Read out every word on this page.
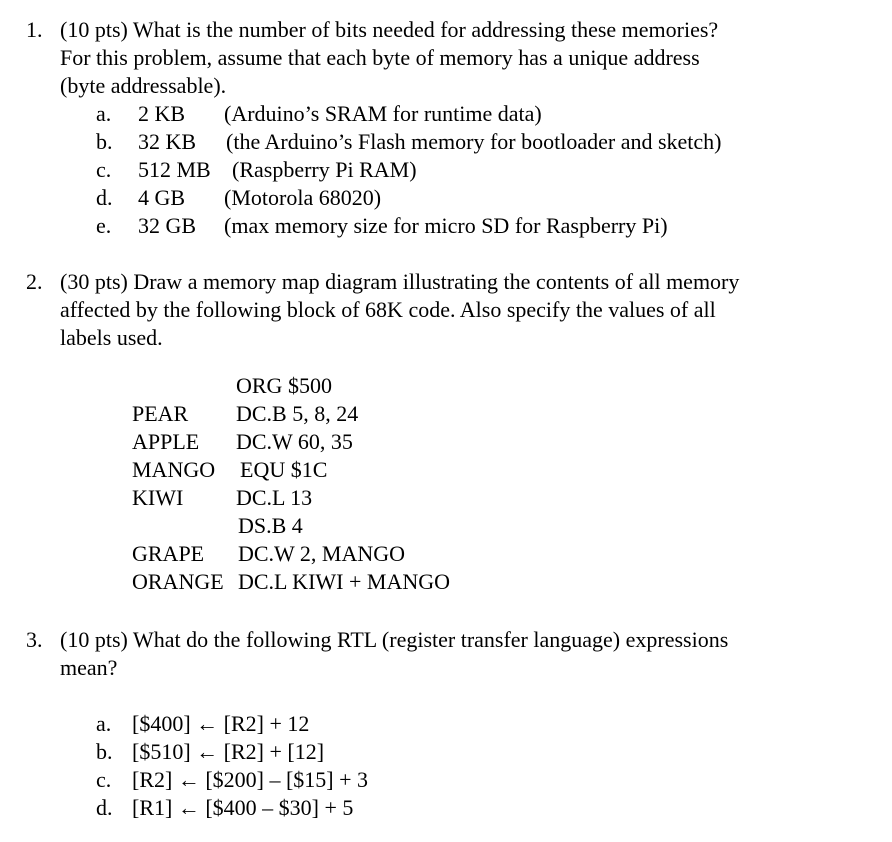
1. (10 pts) What is the number of bits needed for addressing these memories?
For this problem, assume that each byte of memory has a unique address
(byte addressable).
a. 2 KB (Arduino’s SRAM for runtime data)
b. 32 KB (the Arduino’s Flash memory for bootloader and sketch)
c. 512 MB (Raspberry Pi RAM)
d. 4 GB (Motorola 68020)
e. 32 GB (max memory size for micro SD for Raspberry Pi)
2. (30 pts) Draw a memory map diagram illustrating the contents of all memory
affected by the following block of 68K code. Also specify the values of all
labels used.
ORG $500
PEAR DC.B 5, 8, 24
APPLE DC.W 60, 35
MANGO EQU $1C
KIWI DC.L 13
DS.B 4
GRAPE DC.W 2, MANGO
ORANGE DC.L KIWI + MANGO
3. (10 pts) What do the following RTL (register transfer language) expressions
mean?
a. [$400] ← [R2] + 12
b. [$510] ← [R2] + [12]
c. [R2] ← [$200] – [$15] + 3
d. [R1] ← [$400 – $30] + 5
